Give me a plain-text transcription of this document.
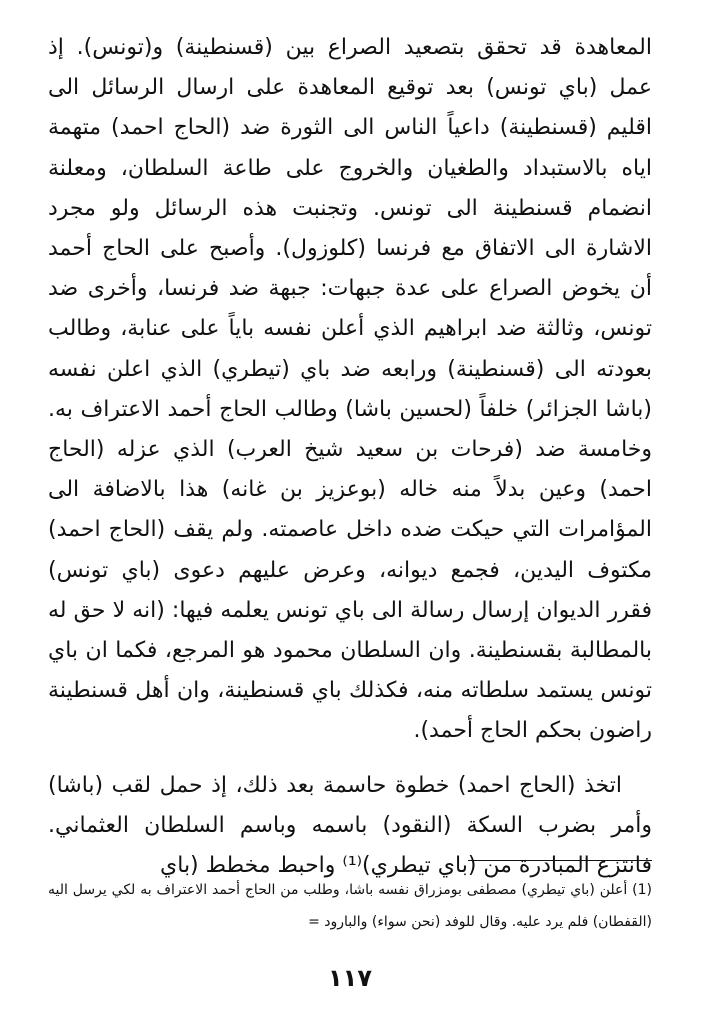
المعاهدة قد تحقق بتصعيد الصراع بين (قسنطينة) و(تونس). إذ عمل (باي تونس) بعد توقيع المعاهدة على ارسال الرسائل الى اقليم (قسنطينة) داعياً الناس الى الثورة ضد (الحاج احمد) متهمة اياه بالاستبداد والطغيان والخروج على طاعة السلطان، ومعلنة انضمام قسنطينة الى تونس. وتجنبت هذه الرسائل ولو مجرد الاشارة الى الاتفاق مع فرنسا (كلوزول). وأصبح على الحاج أحمد أن يخوض الصراع على عدة جبهات: جبهة ضد فرنسا، وأخرى ضد تونس، وثالثة ضد ابراهيم الذي أعلن نفسه باياً على عنابة، وطالب بعودته الى (قسنطينة) ورابعه ضد باي (تيطري) الذي اعلن نفسه (باشا الجزائر) خلفاً (لحسين باشا) وطالب الحاج أحمد الاعتراف به. وخامسة ضد (فرحات بن سعيد شيخ العرب) الذي عزله (الحاج احمد) وعين بدلاً منه خاله (بوعزيز بن غانه) هذا بالاضافة الى المؤامرات التي حيكت ضده داخل عاصمته. ولم يقف (الحاج احمد) مكتوف اليدين، فجمع ديوانه، وعرض عليهم دعوى (باي تونس) فقرر الديوان إرسال رسالة الى باي تونس يعلمه فيها: (انه لا حق له بالمطالبة بقسنطينة. وان السلطان محمود هو المرجع، فكما ان باي تونس يستمد سلطاته منه، فكذلك باي قسنطينة، وان أهل قسنطينة راضون بحكم الحاج أحمد).

اتخذ (الحاج احمد) خطوة حاسمة بعد ذلك، إذ حمل لقب (باشا) وأمر بضرب السكة (النقود) باسمه وباسم السلطان العثماني. فانتزع المبادرة من (باي تيطري)⁽¹⁾ واحبط مخطط (باي

(1) أعلن (باي تيطري) مصطفى بومزراق نفسه باشا، وطلب من الحاج أحمد الاعتراف به لكي يرسل اليه (القفطان) فلم يرد عليه. وقال للوفد (نحن سواء) والبارود =

١١٧
